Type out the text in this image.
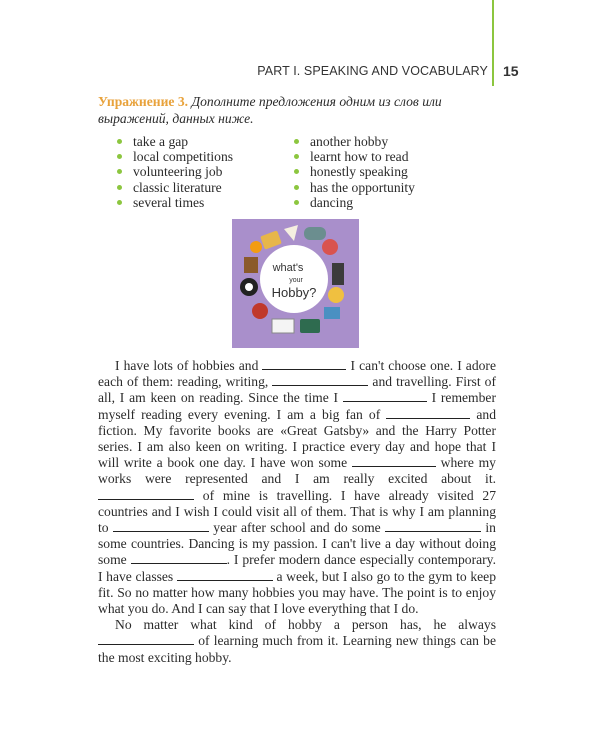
PART I. SPEAKING AND VOCABULARY 15
Упражнение 3. Дополните предложения одним из слов или выражений, данных ниже.
take a gap
local competitions
volunteering job
classic literature
several times
another hobby
learnt how to read
honestly speaking
has the opportunity
dancing
what's
your
Hobby?

I have lots of hobbies and	I can't choose one. I adore each of them: reading, writing,	and travelling. First of all, I am keen on reading. Since the time I	I remember myself reading every evening. I am a big fan of	and fiction. My favorite books are «Great Gatsby» and the Harry Potter series. I am also keen on writing. I practice every day and hope that I will write a book one day. I have won some	where my works were represented and I am really excited about it.  of mine is travelling. I have already visited 27 countries and I wish I could visit all of them. That is why I am planning to	year after school and do some	in some countries. Dancing is my passion. I can't live a day without doing some	. I prefer modern dance especially contemporary. I have classes	a week, but I also go to the gym to keep fit. So no matter how many hobbies you may have. The point is to enjoy what you do. And I can say that I love everything that I do.

No matter what kind of hobby a person has, he always  of learning much from it. Learning new things can be the most exciting hobby.
